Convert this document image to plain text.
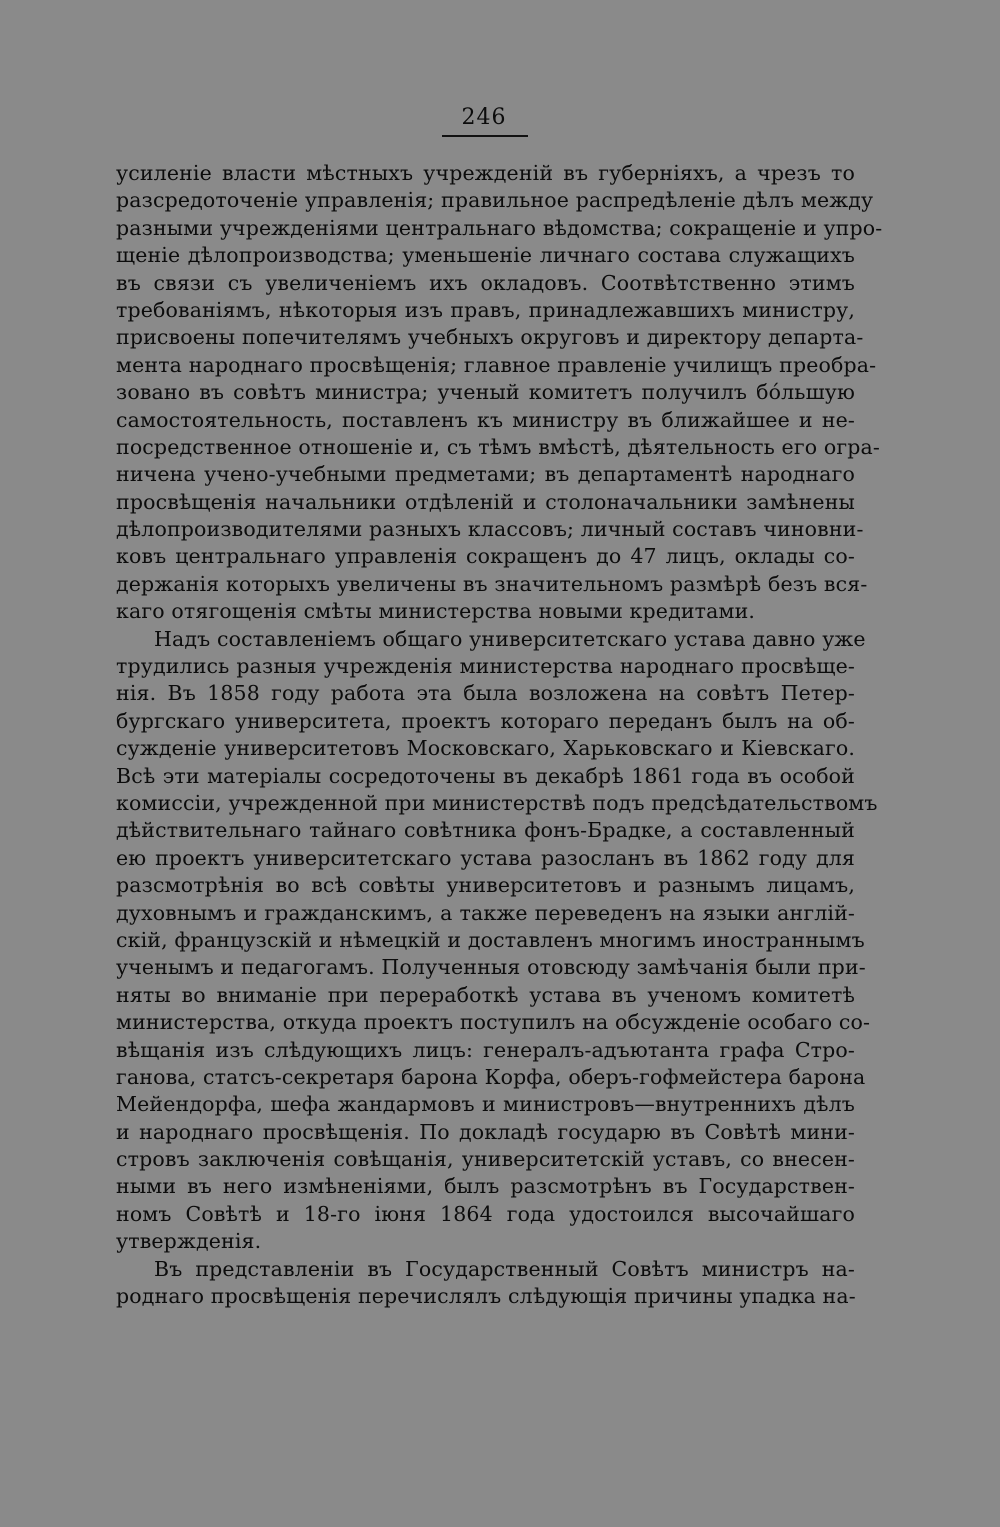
246
усиленіе власти мѣстныхъ учрежденій въ губерніяхъ, а чрезъ то
разсредоточеніе управленія; правильное распредѣленіе дѣлъ между
разными учрежденіями центральнаго вѣдомства; сокращеніе и упро-
щеніе дѣлопроизводства; уменьшеніе личнаго состава служащихъ
въ связи съ увеличеніемъ ихъ окладовъ. Соотвѣтственно этимъ
требованіямъ, нѣкоторыя изъ правъ, принадлежавшихъ министру,
присвоены попечителямъ учебныхъ округовъ и директору департа-
мента народнаго просвѣщенія; главное правленіе училищъ преобра-
зовано въ совѣтъ министра; ученый комитетъ получилъ бо́льшую
самостоятельность, поставленъ къ министру въ ближайшее и не-
посредственное отношеніе и, съ тѣмъ вмѣстѣ, дѣятельность его огра-
ничена учено-учебными предметами; въ департаментѣ народнаго
просвѣщенія начальники отдѣленій и столоначальники замѣнены
дѣлопроизводителями разныхъ классовъ; личный составъ чиновни-
ковъ центральнаго управленія сокращенъ до 47 лицъ, оклады со-
держанія которыхъ увеличены въ значительномъ размѣрѣ безъ вся-
каго отягощенія смѣты министерства новыми кредитами.
Надъ составленіемъ общаго университетскаго устава давно уже
трудились разныя учрежденія министерства народнаго просвѣще-
нія. Въ 1858 году работа эта была возложена на совѣтъ Петер-
бургскаго университета, проектъ котораго переданъ былъ на об-
сужденіе университетовъ Московскаго, Харьковскаго и Кіевскаго.
Всѣ эти матеріалы сосредоточены въ декабрѣ 1861 года въ особой
комиссіи, учрежденной при министерствѣ подъ предсѣдательствомъ
дѣйствительнаго тайнаго совѣтника фонъ-Брадке, а составленный
ею проектъ университетскаго устава разосланъ въ 1862 году для
разсмотрѣнія во всѣ совѣты университетовъ и разнымъ лицамъ,
духовнымъ и гражданскимъ, а также переведенъ на языки англій-
скій, французскій и нѣмецкій и доставленъ многимъ иностраннымъ
ученымъ и педагогамъ. Полученныя отовсюду замѣчанія были при-
няты во вниманіе при переработкѣ устава въ ученомъ комитетѣ
министерства, откуда проектъ поступилъ на обсужденіе особаго со-
вѣщанія изъ слѣдующихъ лицъ: генералъ-адъютанта графа Стро-
ганова, статсъ-секретаря барона Корфа, оберъ-гофмейстера барона
Мейендорфа, шефа жандармовъ и министровъ—внутреннихъ дѣлъ
и народнаго просвѣщенія. По докладѣ государю въ Совѣтѣ мини-
стровъ заключенія совѣщанія, университетскій уставъ, со внесен-
ными въ него измѣненіями, былъ разсмотрѣнъ въ Государствен-
номъ Совѣтѣ и 18-го іюня 1864 года удостоился высочайшаго
утвержденія.
Въ представленіи въ Государственный Совѣтъ министръ на-
роднаго просвѣщенія перечислялъ слѣдующія причины упадка на-
